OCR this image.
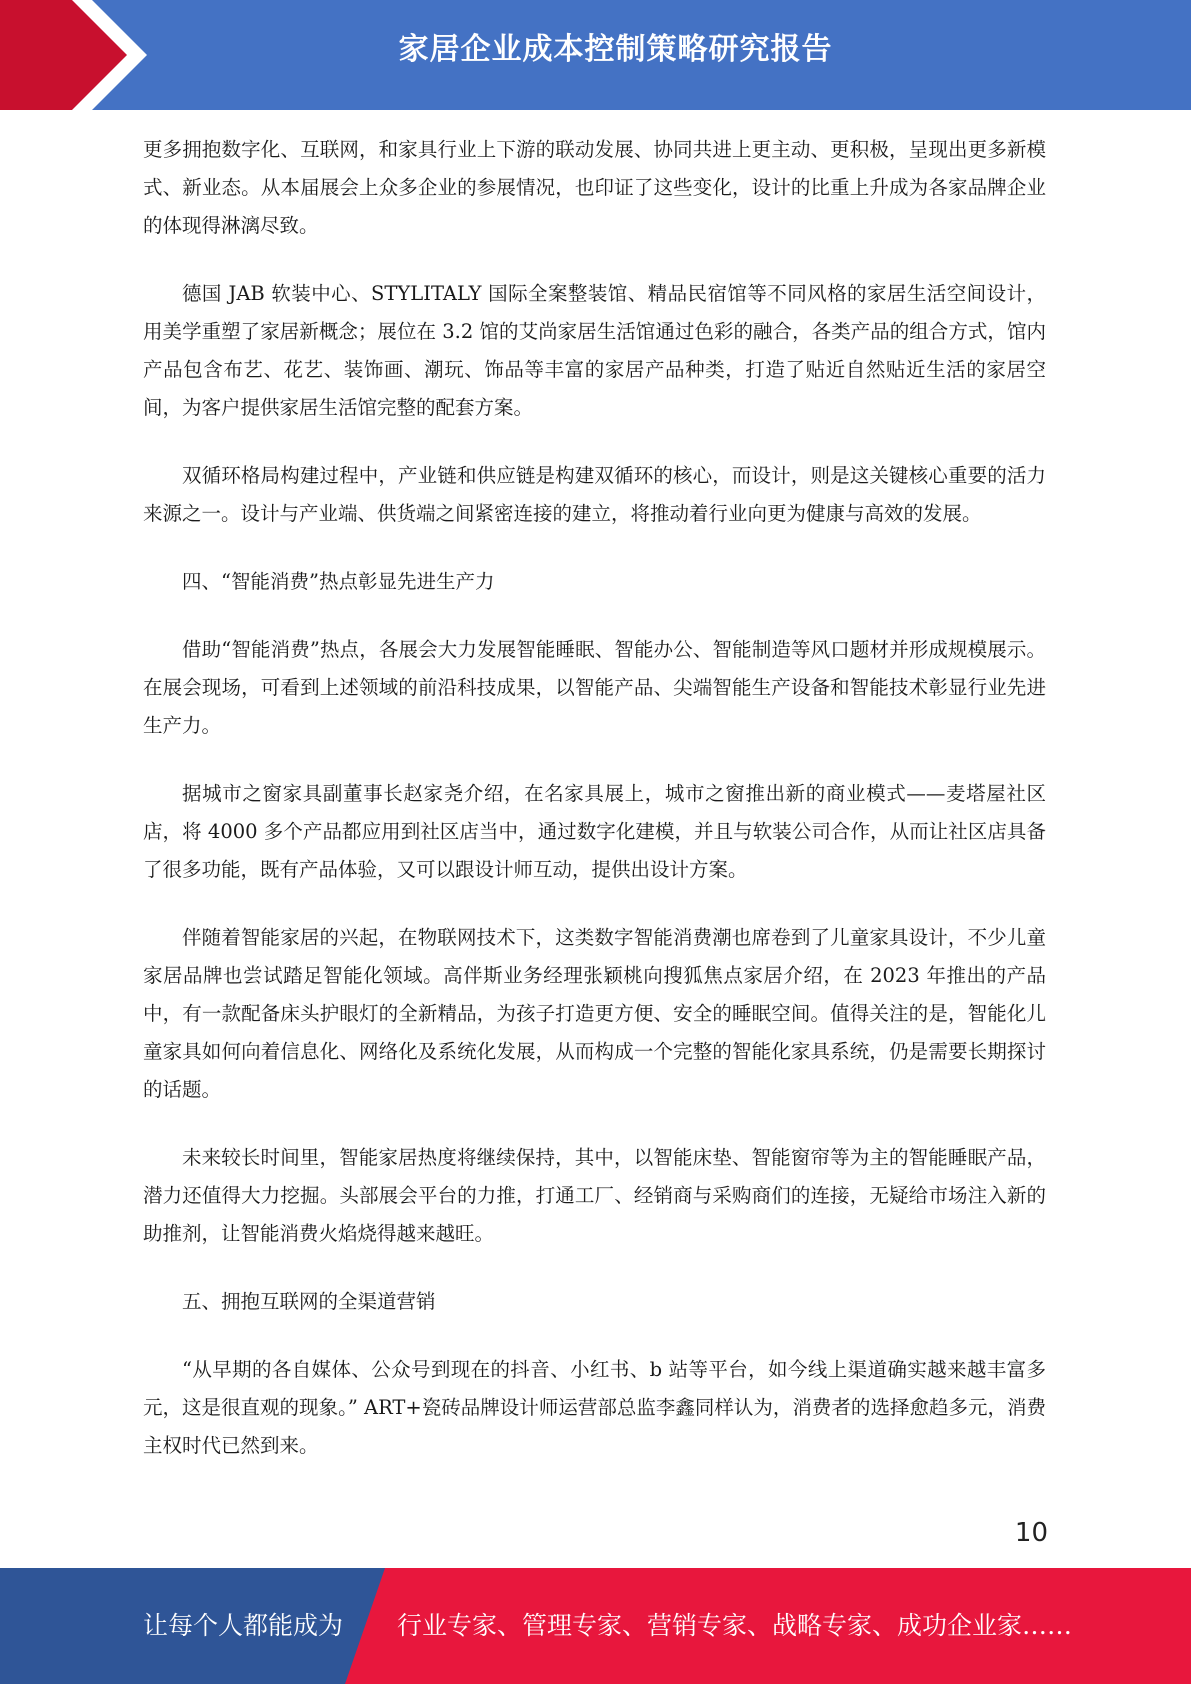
家居企业成本控制策略研究报告

更多拥抱数字化、互联网，和家具行业上下游的联动发展、协同共进上更主动、更积极，呈现出更多新模式、新业态。从本届展会上众多企业的参展情况，也印证了这些变化，设计的比重上升成为各家品牌企业的体现得淋漓尽致。

德国 JAB 软装中心、STYLITALY 国际全案整装馆、精品民宿馆等不同风格的家居生活空间设计，用美学重塑了家居新概念；展位在 3.2 馆的艾尚家居生活馆通过色彩的融合，各类产品的组合方式，馆内产品包含布艺、花艺、装饰画、潮玩、饰品等丰富的家居产品种类，打造了贴近自然贴近生活的家居空间，为客户提供家居生活馆完整的配套方案。

双循环格局构建过程中，产业链和供应链是构建双循环的核心，而设计，则是这关键核心重要的活力来源之一。设计与产业端、供货端之间紧密连接的建立，将推动着行业向更为健康与高效的发展。

四、“智能消费”热点彰显先进生产力

借助“智能消费”热点，各展会大力发展智能睡眠、智能办公、智能制造等风口题材并形成规模展示。在展会现场，可看到上述领域的前沿科技成果，以智能产品、尖端智能生产设备和智能技术彰显行业先进生产力。

据城市之窗家具副董事长赵家尧介绍，在名家具展上，城市之窗推出新的商业模式——麦塔屋社区店，将 4000 多个产品都应用到社区店当中，通过数字化建模，并且与软装公司合作，从而让社区店具备了很多功能，既有产品体验，又可以跟设计师互动，提供出设计方案。

伴随着智能家居的兴起，在物联网技术下，这类数字智能消费潮也席卷到了儿童家具设计，不少儿童家居品牌也尝试踏足智能化领域。高伴斯业务经理张颖桃向搜狐焦点家居介绍，在 2023 年推出的产品中，有一款配备床头护眼灯的全新精品，为孩子打造更方便、安全的睡眠空间。值得关注的是，智能化儿童家具如何向着信息化、网络化及系统化发展，从而构成一个完整的智能化家具系统，仍是需要长期探讨的话题。

未来较长时间里，智能家居热度将继续保持，其中，以智能床垫、智能窗帘等为主的智能睡眠产品，潜力还值得大力挖掘。头部展会平台的力推，打通工厂、经销商与采购商们的连接，无疑给市场注入新的助推剂，让智能消费火焰烧得越来越旺。

五、拥抱互联网的全渠道营销

“从早期的各自媒体、公众号到现在的抖音、小红书、b 站等平台，如今线上渠道确实越来越丰富多元，这是很直观的现象。” ART+瓷砖品牌设计师运营部总监李鑫同样认为，消费者的选择愈趋多元，消费主权时代已然到来。

10
让每个人都能成为 行业专家、管理专家、营销专家、战略专家、成功企业家……
